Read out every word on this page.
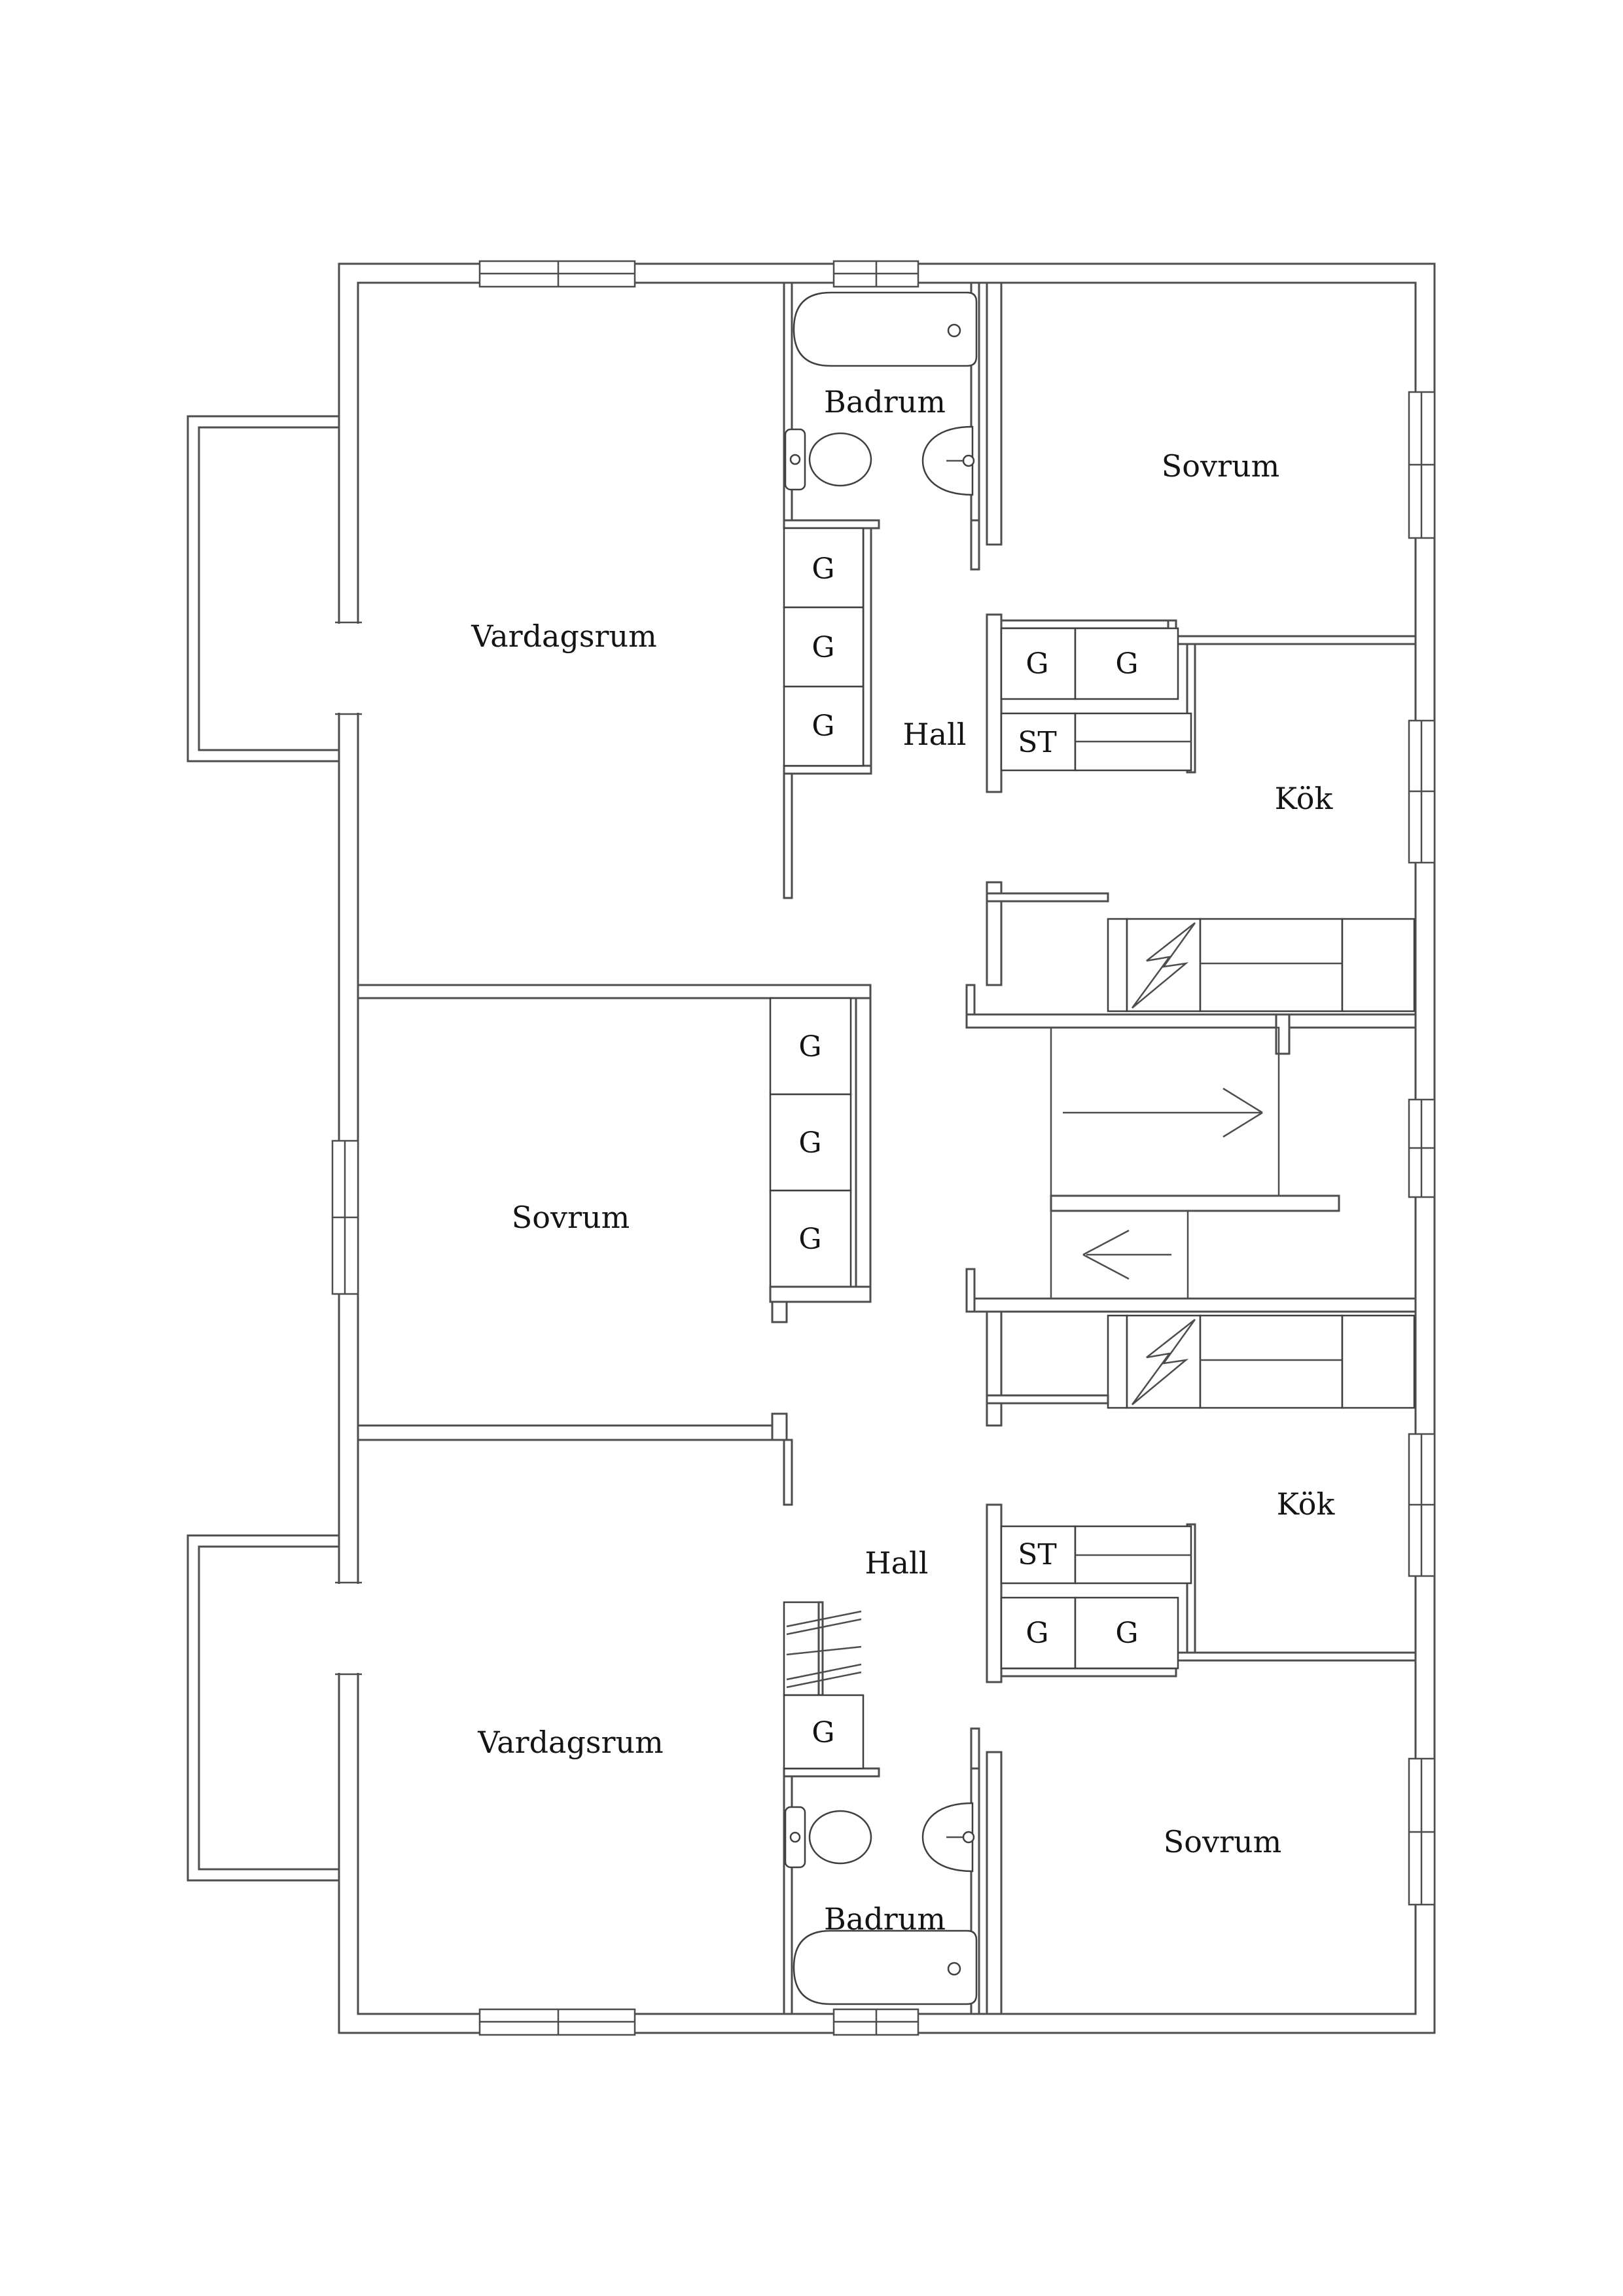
Vardagsrum
Badrum
Sovrum
Hall
Kök
Sovrum
Hall
Kök
Vardagsrum
Badrum
Sovrum
G
G
G
G G
ST
G
G
G
ST
G G
G
